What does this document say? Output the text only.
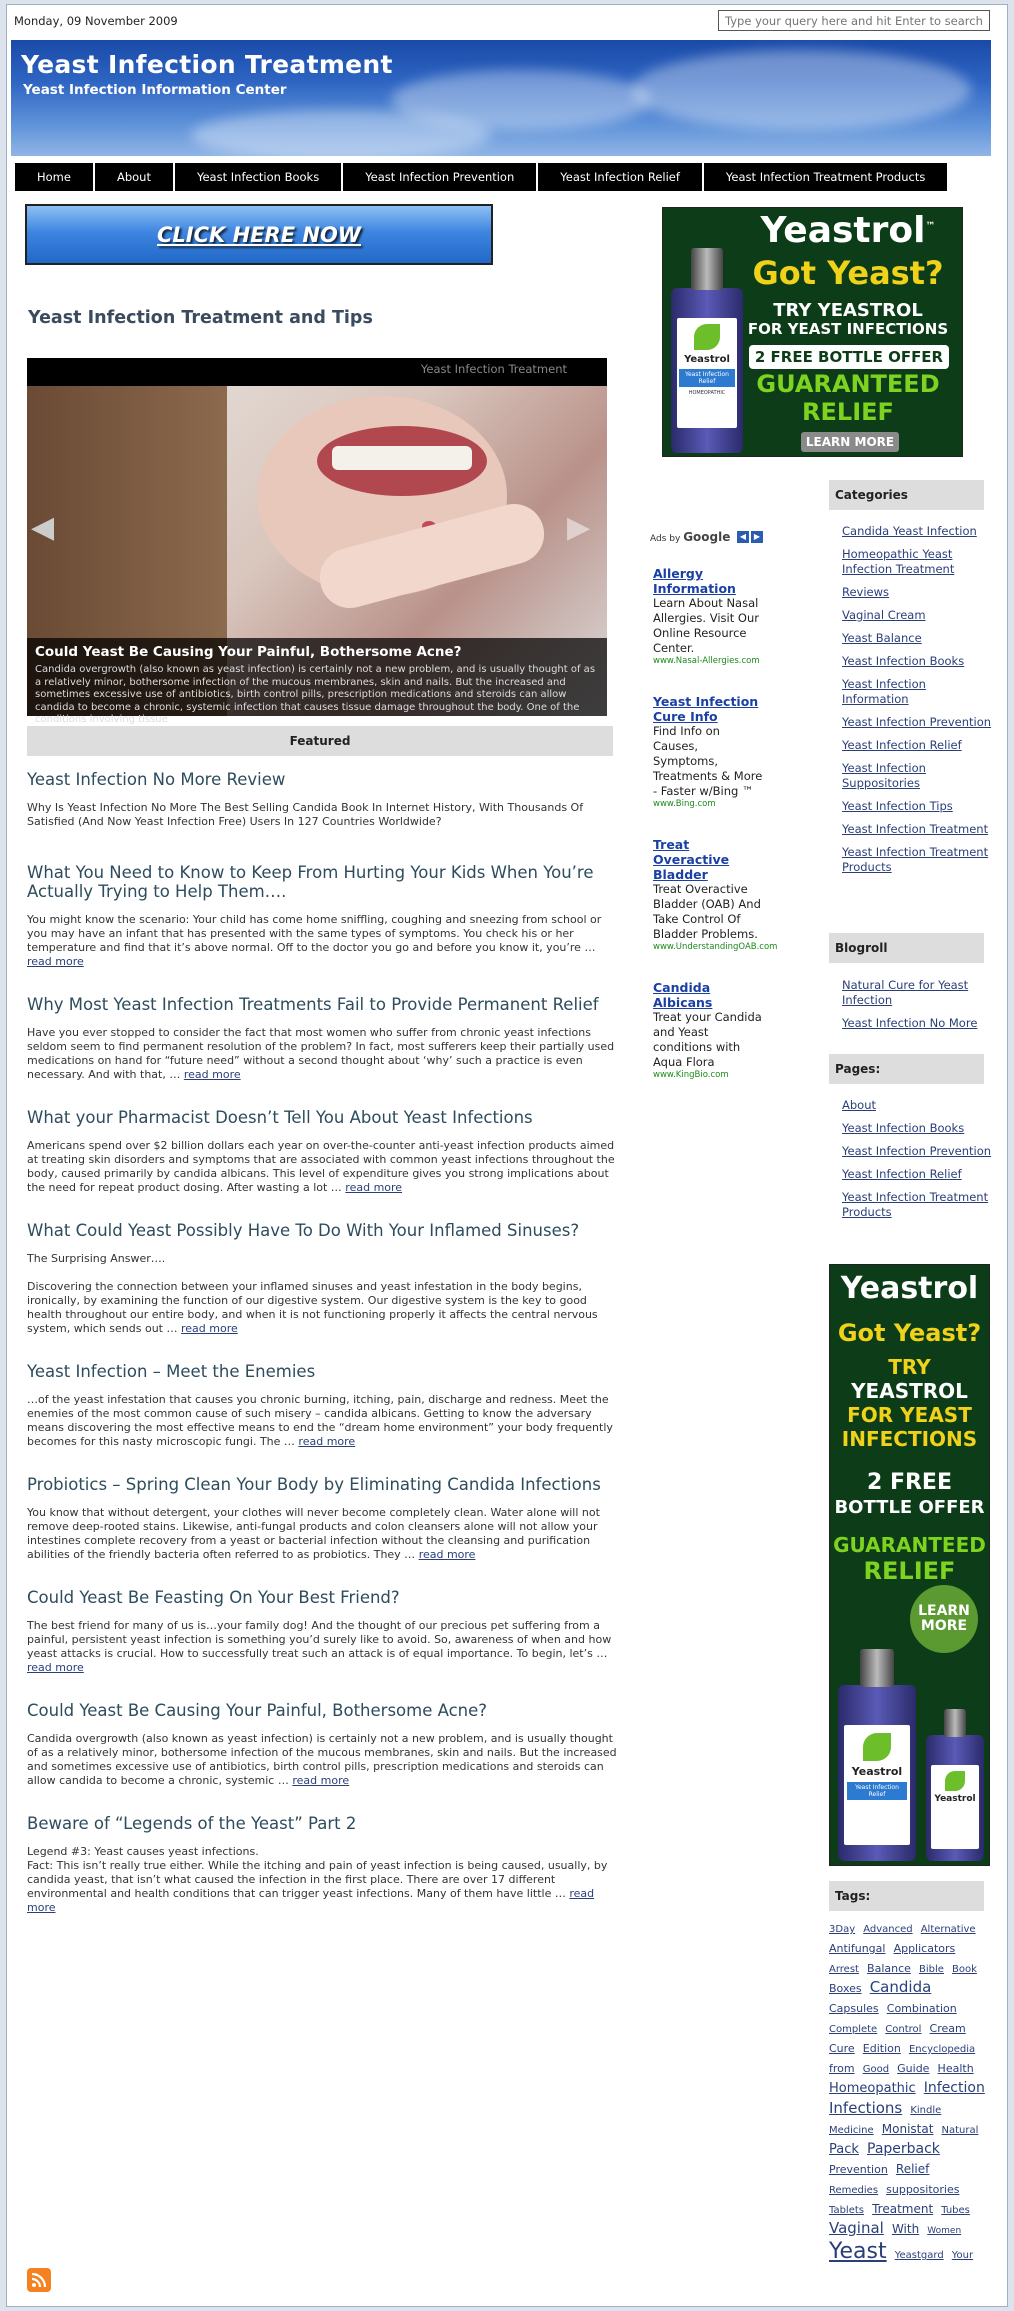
Monday, 09 November 2009
Type your query here and hit Enter to search
Yeast Infection Treatment
Yeast Infection Information Center
Home	About	Yeast Infection Books	Yeast Infection Prevention	Yeast Infection Relief	Yeast Infection Treatment Products
CLICK HERE NOW
Yeast Infection Treatment and Tips
Yeast Infection Treatment
◀	▶
Could Yeast Be Causing Your Painful, Bothersome Acne?

Candida overgrowth (also known as yeast infection) is certainly not a new problem, and is usually thought of as a relatively minor, bothersome infection of the mucous membranes, skin and nails. But the increased and sometimes excessive use of antibiotics, birth control pills, prescription medications and steroids can allow candida to become a chronic, systemic infection that causes tissue damage throughout the body. One of the conditions involving tissue

Featured
Yeast Infection No More Review

Why Is Yeast Infection No More The Best Selling Candida Book In Internet History, With Thousands Of Satisfied (And Now Yeast Infection Free) Users In 127 Countries Worldwide?

What You Need to Know to Keep From Hurting Your Kids When You’re Actually Trying to Help Them….

You might know the scenario: Your child has come home sniffling, coughing and sneezing from school or you may have an infant that has presented with the same types of symptoms. You check his or her temperature and find that it’s above normal. Off to the doctor you go and before you know it, you’re … read more

Why Most Yeast Infection Treatments Fail to Provide Permanent Relief

Have you ever stopped to consider the fact that most women who suffer from chronic yeast infections seldom seem to find permanent resolution of the problem? In fact, most sufferers keep their partially used medications on hand for “future need” without a second thought about ‘why’ such a practice is even necessary. And with that, … read more

What your Pharmacist Doesn’t Tell You About Yeast Infections

Americans spend over $2 billion dollars each year on over-the-counter anti-yeast infection products aimed at treating skin disorders and symptoms that are associated with common yeast infections throughout the body, caused primarily by candida albicans. This level of expenditure gives you strong implications about the need for repeat product dosing. After wasting a lot … read more

What Could Yeast Possibly Have To Do With Your Inflamed Sinuses?

The Surprising Answer….

Discovering the connection between your inflamed sinuses and yeast infestation in the body begins, ironically, by examining the function of our digestive system. Our digestive system is the key to good health throughout our entire body, and when it is not functioning properly it affects the central nervous system, which sends out … read more

Yeast Infection – Meet the Enemies

…of the yeast infestation that causes you chronic burning, itching, pain, discharge and redness. Meet the enemies of the most common cause of such misery – candida albicans. Getting to know the adversary means discovering the most effective means to end the “dream home environment” your body frequently becomes for this nasty microscopic fungi. The … read more

Probiotics – Spring Clean Your Body by Eliminating Candida Infections

You know that without detergent, your clothes will never become completely clean. Water alone will not remove deep-rooted stains. Likewise, anti-fungal products and colon cleansers alone will not allow your intestines complete recovery from a yeast or bacterial infection without the cleansing and purification abilities of the friendly bacteria often referred to as probiotics. They … read more

Could Yeast Be Feasting On Your Best Friend?

The best friend for many of us is…your family dog! And the thought of our precious pet suffering from a painful, persistent yeast infection is something you’d surely like to avoid. So, awareness of when and how yeast attacks is crucial. How to successfully treat such an attack is of equal importance. To begin, let’s … read more

Could Yeast Be Causing Your Painful, Bothersome Acne?

Candida overgrowth (also known as yeast infection) is certainly not a new problem, and is usually thought of as a relatively minor, bothersome infection of the mucous membranes, skin and nails. But the increased and sometimes excessive use of antibiotics, birth control pills, prescription medications and steroids can allow candida to become a chronic, systemic … read more

Beware of “Legends of the Yeast” Part 2

Legend #3: Yeast causes yeast infections.

Fact: This isn’t really true either. While the itching and pain of yeast infection is being caused, usually, by candida yeast, that isn’t what caused the infection in the first place. There are over 17 different environmental and health conditions that can trigger yeast infections. Many of them have little … read more

Yeastrol™
Got Yeast?
TRY YEASTROL
FOR YEAST INFECTIONS
2 FREE BOTTLE OFFER
GUARANTEED
RELIEF
LEARN MORE
Yeastrol
Yeast Infection Relief
HOMEOPATHIC
Ads by Google	◀ ▶
Allergy Information
Learn About Nasal Allergies. Visit Our Online Resource Center.
www.Nasal-Allergies.com
Yeast Infection Cure Info
Find Info on Causes, Symptoms, Treatments & More - Faster w/Bing ™
www.Bing.com
Treat Overactive Bladder
Treat Overactive Bladder (OAB) And Take Control Of Bladder Problems.
www.UnderstandingOAB.com
Candida Albicans
Treat your Candida and Yeast conditions with Aqua Flora
www.KingBio.com
Categories
Candida Yeast Infection
Homeopathic Yeast Infection Treatment
Reviews
Vaginal Cream
Yeast Balance
Yeast Infection Books
Yeast Infection Information
Yeast Infection Prevention
Yeast Infection Relief
Yeast Infection Suppositories
Yeast Infection Tips
Yeast Infection Treatment
Yeast Infection Treatment Products
Blogroll
Natural Cure for Yeast Infection
Yeast Infection No More
Pages:
About
Yeast Infection Books
Yeast Infection Prevention
Yeast Infection Relief
Yeast Infection Treatment Products
Yeastrol
Got Yeast?
TRY
YEASTROL
FOR YEAST
INFECTIONS
2 FREE
BOTTLE OFFER
GUARANTEED
RELIEF
LEARN MORE
Yeastrol
Yeast Infection Relief	Yeastrol
Tags:
3Day Advanced Alternative Antifungal Applicators Arrest Balance Bible Book Boxes Candida Capsules Combination Complete Control Cream Cure Edition Encyclopedia from Good Guide Health Homeopathic Infection Infections Kindle Medicine Monistat Natural Pack Paperback Prevention Relief Remedies suppositories Tablets Treatment Tubes Vaginal With Women Yeast Yeastgard Your
